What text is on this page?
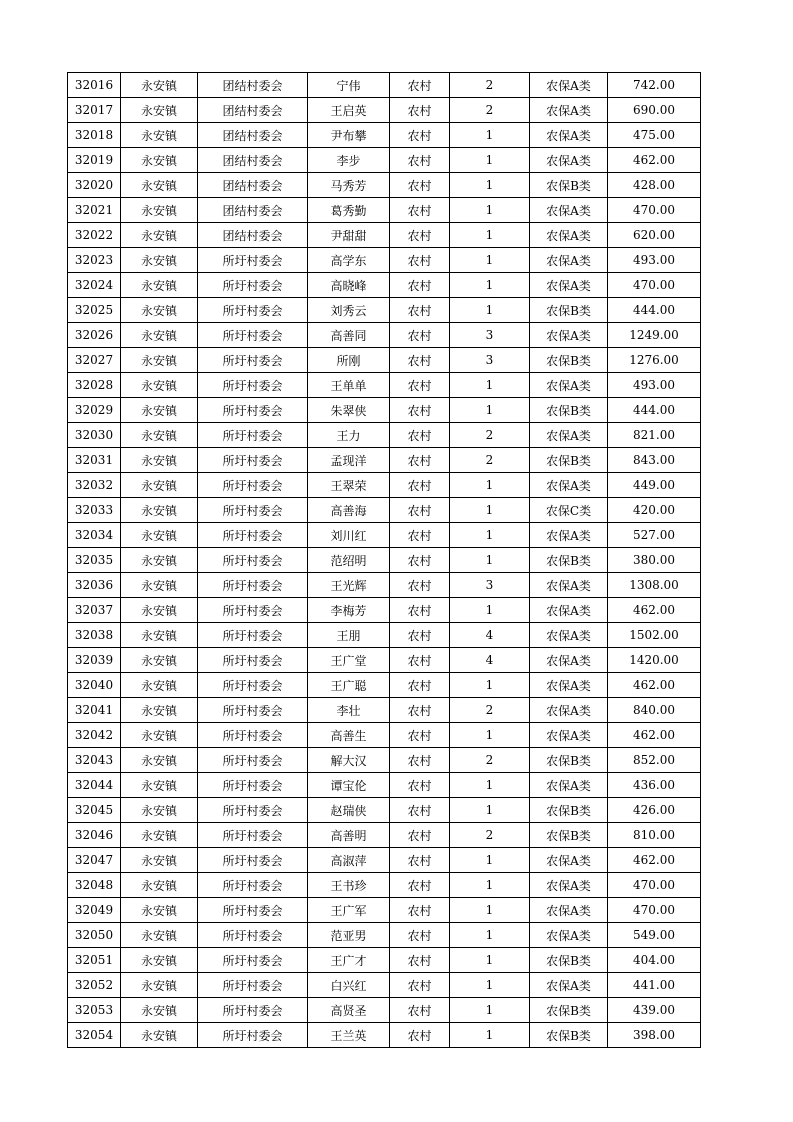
32016	永安镇	团结村委会	宁伟	农村	2	农保A类	742.00
32017	永安镇	团结村委会	王启英	农村	2	农保A类	690.00
32018	永安镇	团结村委会	尹布攀	农村	1	农保A类	475.00
32019	永安镇	团结村委会	李步	农村	1	农保A类	462.00
32020	永安镇	团结村委会	马秀芳	农村	1	农保B类	428.00
32021	永安镇	团结村委会	葛秀勤	农村	1	农保A类	470.00
32022	永安镇	团结村委会	尹甜甜	农村	1	农保A类	620.00
32023	永安镇	所圩村委会	高学东	农村	1	农保A类	493.00
32024	永安镇	所圩村委会	高晓峰	农村	1	农保A类	470.00
32025	永安镇	所圩村委会	刘秀云	农村	1	农保B类	444.00
32026	永安镇	所圩村委会	高善同	农村	3	农保A类	1249.00
32027	永安镇	所圩村委会	所刚	农村	3	农保B类	1276.00
32028	永安镇	所圩村委会	王单单	农村	1	农保A类	493.00
32029	永安镇	所圩村委会	朱翠侠	农村	1	农保B类	444.00
32030	永安镇	所圩村委会	王力	农村	2	农保A类	821.00
32031	永安镇	所圩村委会	孟现洋	农村	2	农保B类	843.00
32032	永安镇	所圩村委会	王翠荣	农村	1	农保A类	449.00
32033	永安镇	所圩村委会	高善海	农村	1	农保C类	420.00
32034	永安镇	所圩村委会	刘川红	农村	1	农保A类	527.00
32035	永安镇	所圩村委会	范绍明	农村	1	农保B类	380.00
32036	永安镇	所圩村委会	王光辉	农村	3	农保A类	1308.00
32037	永安镇	所圩村委会	李梅芳	农村	1	农保A类	462.00
32038	永安镇	所圩村委会	王朋	农村	4	农保A类	1502.00
32039	永安镇	所圩村委会	王广堂	农村	4	农保A类	1420.00
32040	永安镇	所圩村委会	王广聪	农村	1	农保A类	462.00
32041	永安镇	所圩村委会	李壮	农村	2	农保A类	840.00
32042	永安镇	所圩村委会	高善生	农村	1	农保A类	462.00
32043	永安镇	所圩村委会	解大汉	农村	2	农保B类	852.00
32044	永安镇	所圩村委会	谭宝伦	农村	1	农保A类	436.00
32045	永安镇	所圩村委会	赵瑞侠	农村	1	农保B类	426.00
32046	永安镇	所圩村委会	高善明	农村	2	农保B类	810.00
32047	永安镇	所圩村委会	高淑萍	农村	1	农保A类	462.00
32048	永安镇	所圩村委会	王书珍	农村	1	农保A类	470.00
32049	永安镇	所圩村委会	王广军	农村	1	农保A类	470.00
32050	永安镇	所圩村委会	范亚男	农村	1	农保A类	549.00
32051	永安镇	所圩村委会	王广才	农村	1	农保B类	404.00
32052	永安镇	所圩村委会	白兴红	农村	1	农保A类	441.00
32053	永安镇	所圩村委会	高贤圣	农村	1	农保B类	439.00
32054	永安镇	所圩村委会	王兰英	农村	1	农保B类	398.00
